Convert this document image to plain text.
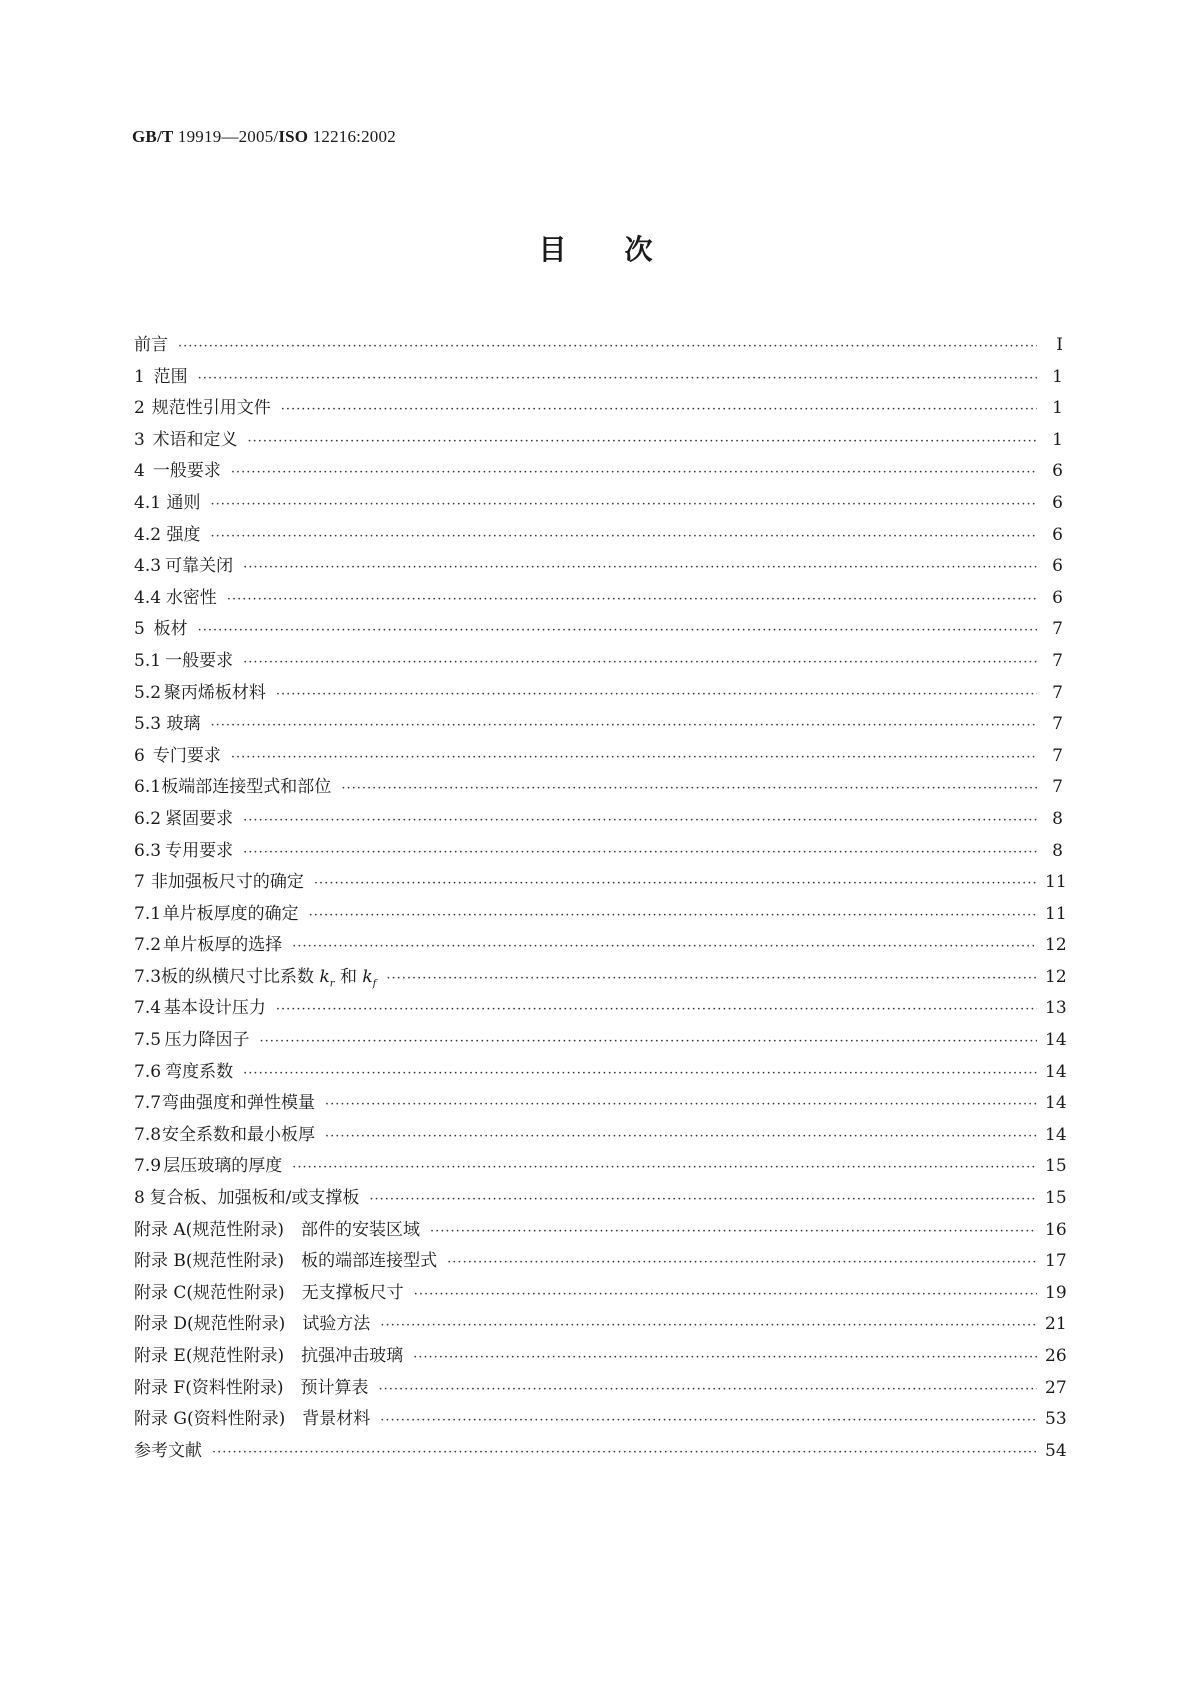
GB/T 19919—2005/ISO 12216:2002
目次
前言 ·····	I
1 范围 ·····	1
2 规范性引用文件 ·····	1
3 术语和定义 ·····	1
4 一般要求 ·····	6
4.1 通则 ·····	6
4.2 强度 ·····	6
4.3 可靠关闭 ·····	6
4.4 水密性 ·····	6
5 板材 ·····	7
5.1 一般要求 ·····	7
5.2 聚丙烯板材料 ·····	7
5.3 玻璃 ·····	7
6 专门要求 ·····	7
6.1 板端部连接型式和部位 ·····	7
6.2 紧固要求 ·····	8
6.3 专用要求 ·····	8
7 非加强板尺寸的确定 ·····	11
7.1 单片板厚度的确定 ·····	11
7.2 单片板厚的选择 ·····	12
7.3 板的纵横尺寸比系数 $k_r$ 和 $k_f$ ·····	12
7.4 基本设计压力 ·····	13
7.5 压力降因子 ·····	14
7.6 弯度系数 ·····	14
7.7 弯曲强度和弹性模量 ·····	14
7.8 安全系数和最小板厚 ·····	14
7.9 层压玻璃的厚度 ·····	15
8 复合板、加强板和/或支撑板 ·····	15
附录 A(规范性附录)　部件的安装区域 ·····	16
附录 B(规范性附录)　板的端部连接型式 ·····	17
附录 C(规范性附录)　无支撑板尺寸 ·····	19
附录 D(规范性附录)　试验方法 ·····	21
附录 E(规范性附录)　抗强冲击玻璃 ·····	26
附录 F(资料性附录)　预计算表 ·····	27
附录 G(资料性附录)　背景材料 ·····	53
参考文献 ·····	54
